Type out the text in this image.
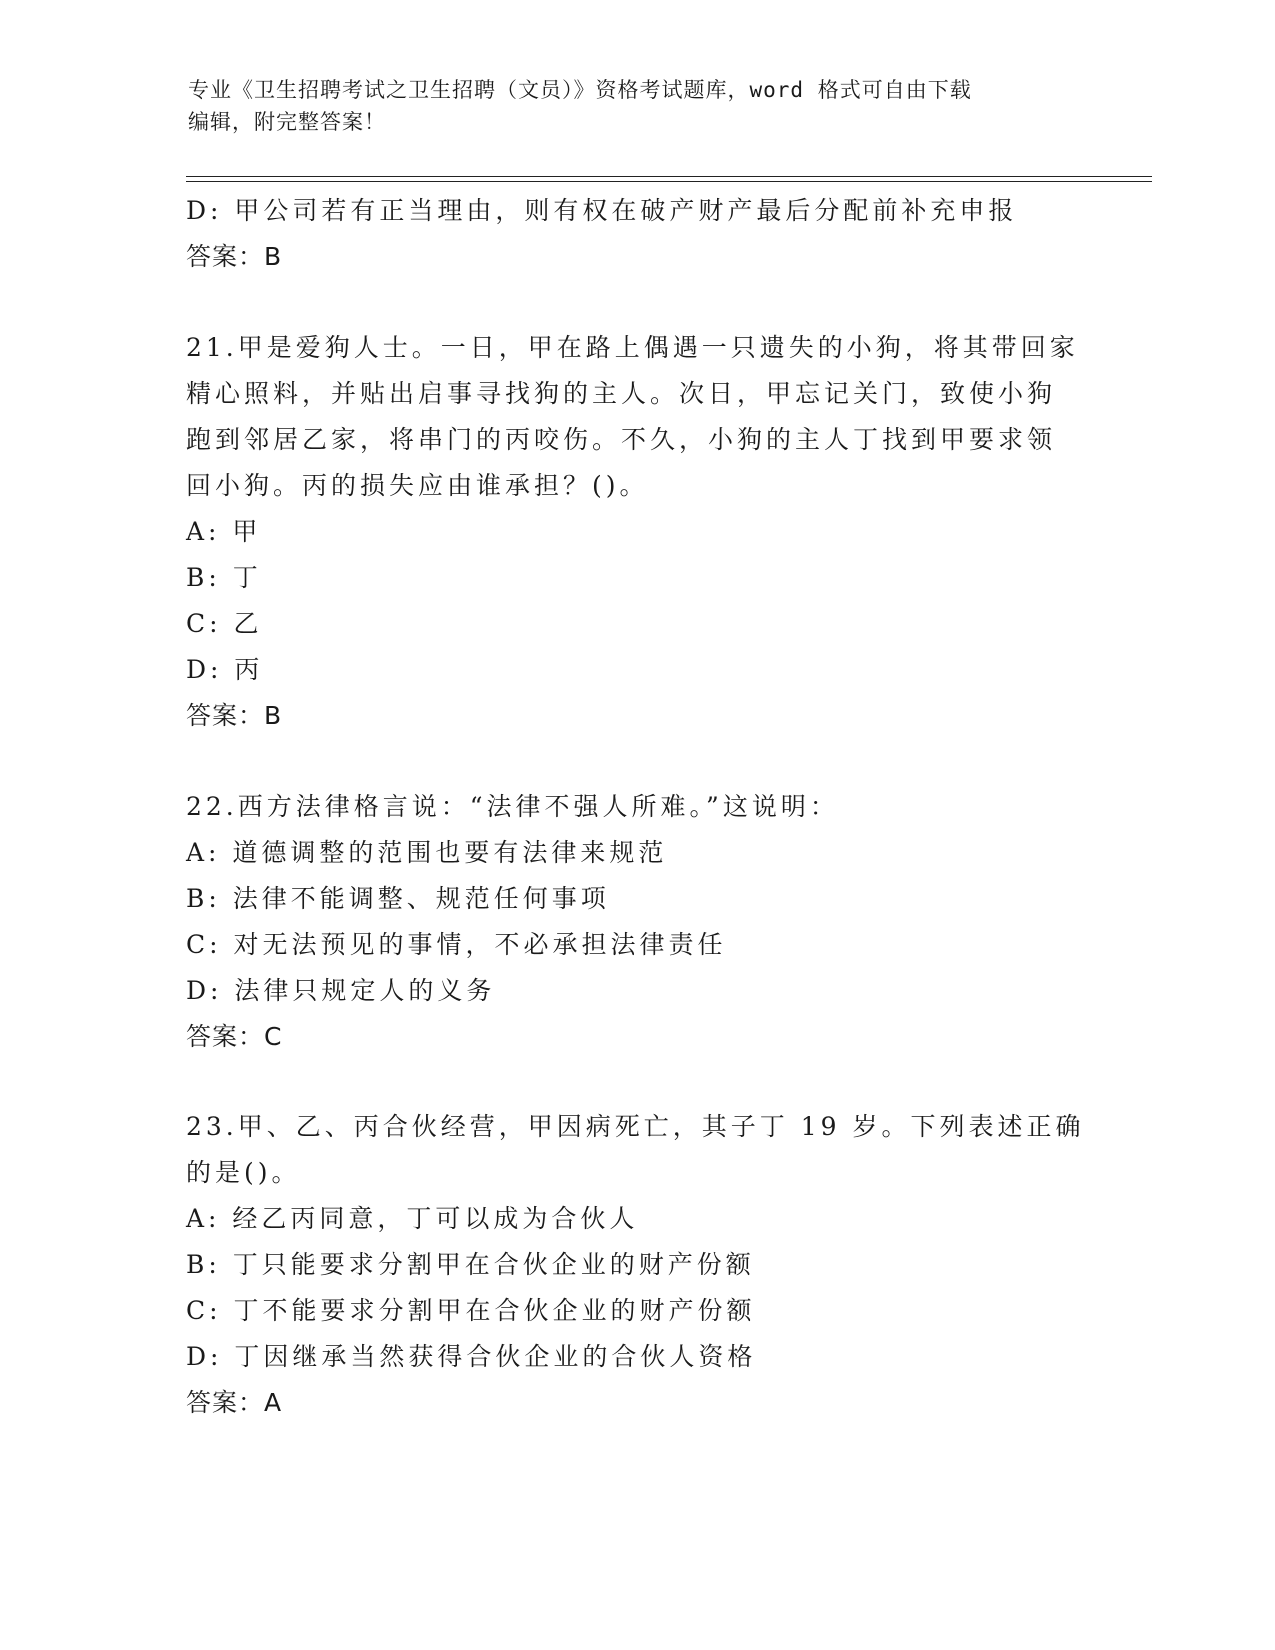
专业《卫生招聘考试之卫生招聘（文员）》资格考试题库，word 格式可自由下载
编辑，附完整答案！
D: 甲公司若有正当理由，则有权在破产财产最后分配前补充申报
答案：B
21.甲是爱狗人士。一日，甲在路上偶遇一只遗失的小狗，将其带回家
精心照料，并贴出启事寻找狗的主人。次日，甲忘记关门，致使小狗
跑到邻居乙家，将串门的丙咬伤。不久，小狗的主人丁找到甲要求领
回小狗。丙的损失应由谁承担？()。
A: 甲
B: 丁
C: 乙
D: 丙
答案：B
22.西方法律格言说：“法律不强人所难。”这说明：
A: 道德调整的范围也要有法律来规范
B: 法律不能调整、规范任何事项
C: 对无法预见的事情，不必承担法律责任
D: 法律只规定人的义务
答案：C
23.甲、乙、丙合伙经营，甲因病死亡，其子丁 19 岁。下列表述正确
的是()。
A: 经乙丙同意，丁可以成为合伙人
B: 丁只能要求分割甲在合伙企业的财产份额
C: 丁不能要求分割甲在合伙企业的财产份额
D: 丁因继承当然获得合伙企业的合伙人资格
答案：A
